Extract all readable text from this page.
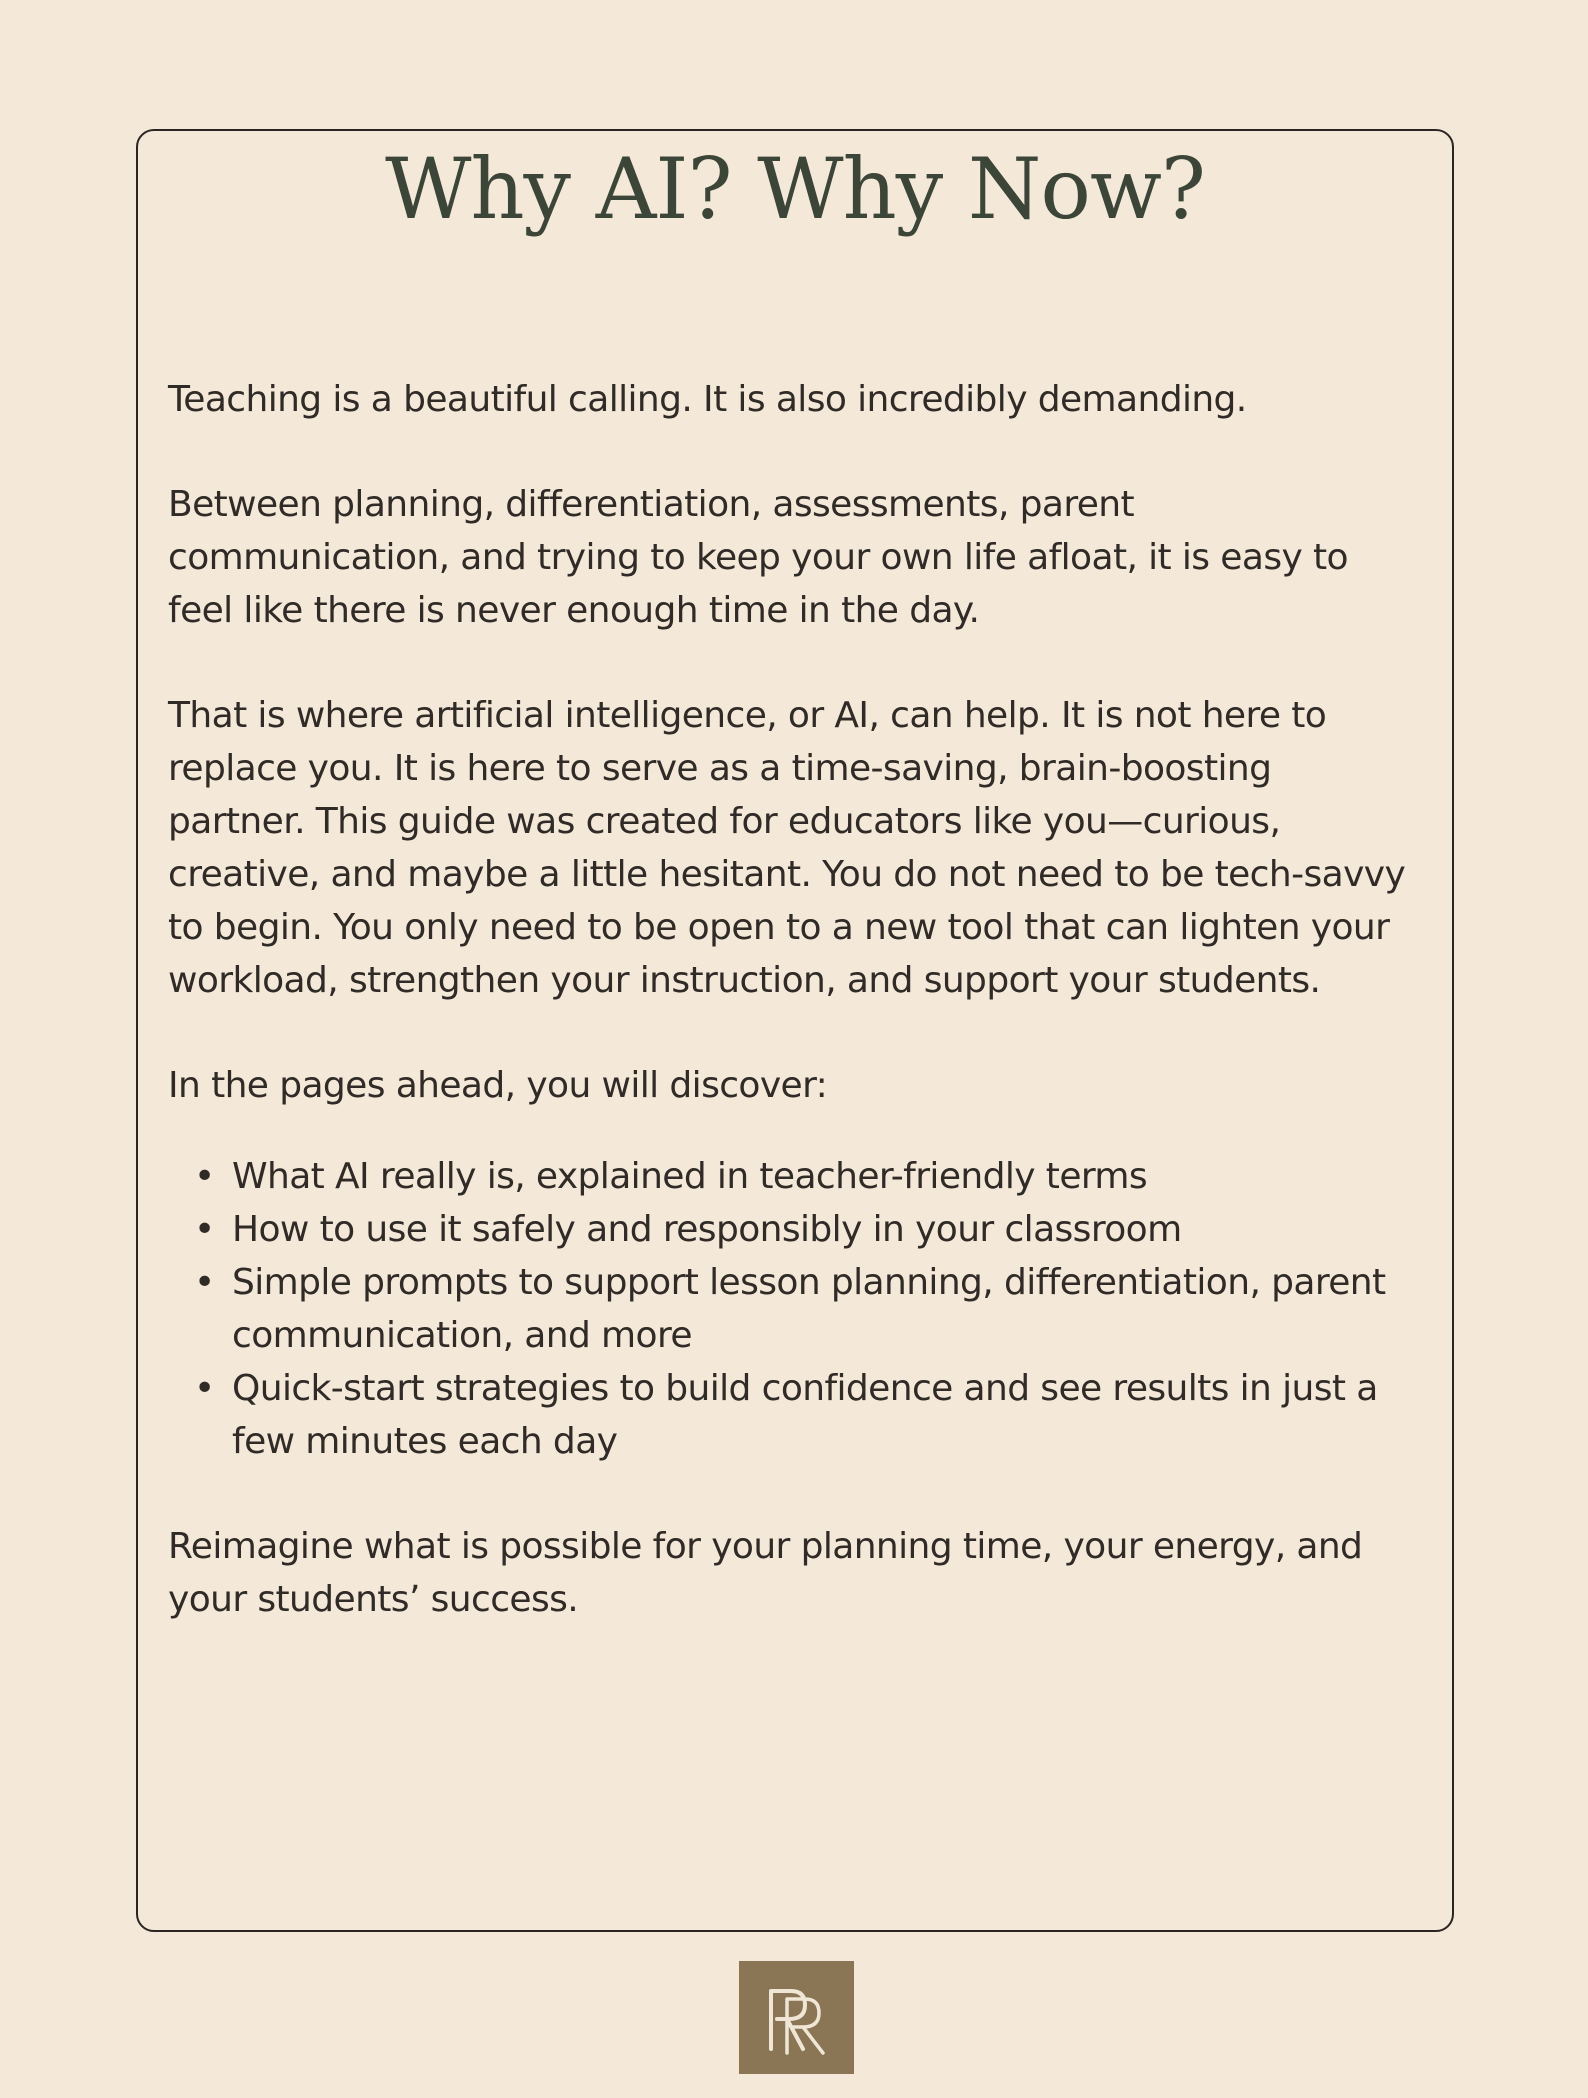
Why AI? Why Now?

Teaching is a beautiful calling. It is also incredibly demanding.

Between planning, differentiation, assessments, parent communication, and trying to keep your own life afloat, it is easy to feel like there is never enough time in the day.

That is where artificial intelligence, or AI, can help. It is not here to replace you. It is here to serve as a time-saving, brain-boosting partner. This guide was created for educators like you—curious, creative, and maybe a little hesitant. You do not need to be tech-savvy to begin. You only need to be open to a new tool that can lighten your workload, strengthen your instruction, and support your students.

In the pages ahead, you will discover:

• What AI really is, explained in teacher-friendly terms
• How to use it safely and responsibly in your classroom
• Simple prompts to support lesson planning, differentiation, parent communication, and more
• Quick-start strategies to build confidence and see results in just a few minutes each day

Reimagine what is possible for your planning time, your energy, and your students’ success.
